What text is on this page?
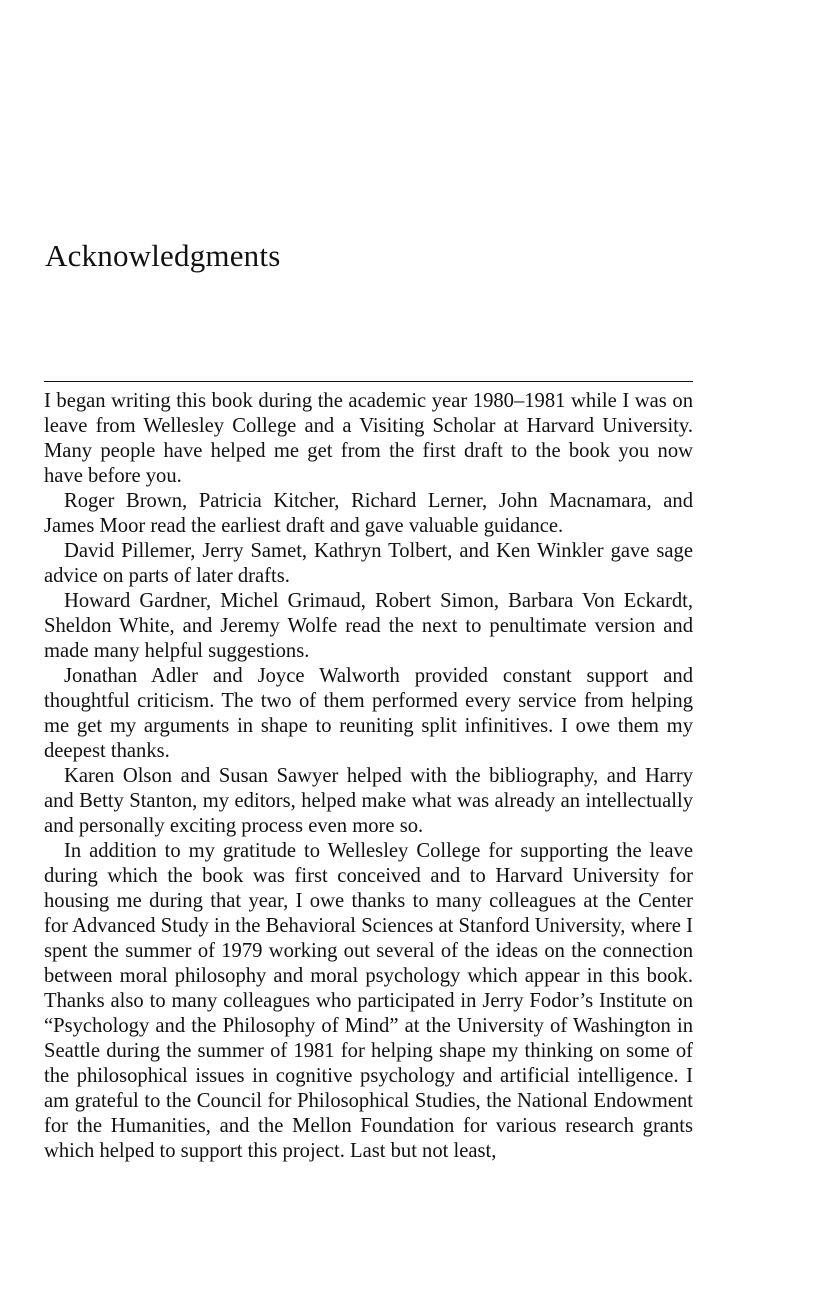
Acknowledgments

I began writing this book during the academic year 1980–1981 while I was on leave from Wellesley College and a Visiting Scholar at Harvard University. Many people have helped me get from the first draft to the book you now have before you.

Roger Brown, Patricia Kitcher, Richard Lerner, John Macnamara, and James Moor read the earliest draft and gave valuable guidance.

David Pillemer, Jerry Samet, Kathryn Tolbert, and Ken Winkler gave sage advice on parts of later drafts.

Howard Gardner, Michel Grimaud, Robert Simon, Barbara Von Eckardt, Sheldon White, and Jeremy Wolfe read the next to penultimate version and made many helpful suggestions.

Jonathan Adler and Joyce Walworth provided constant support and thoughtful criticism. The two of them performed every service from helping me get my arguments in shape to reuniting split infinitives. I owe them my deepest thanks.

Karen Olson and Susan Sawyer helped with the bibliography, and Harry and Betty Stanton, my editors, helped make what was already an intellectually and personally exciting process even more so.

In addition to my gratitude to Wellesley College for supporting the leave during which the book was first conceived and to Harvard University for housing me during that year, I owe thanks to many colleagues at the Center for Advanced Study in the Behavioral Sciences at Stanford University, where I spent the summer of 1979 working out several of the ideas on the connection between moral philosophy and moral psychology which appear in this book. Thanks also to many colleagues who participated in Jerry Fodor’s Institute on “Psychology and the Philosophy of Mind” at the University of Washington in Seattle during the summer of 1981 for helping shape my thinking on some of the philosophical issues in cognitive psychology and artificial intelligence. I am grateful to the Council for Philosophical Studies, the National Endowment for the Humanities, and the Mellon Foundation for various research grants which helped to support this project. Last but not least,
